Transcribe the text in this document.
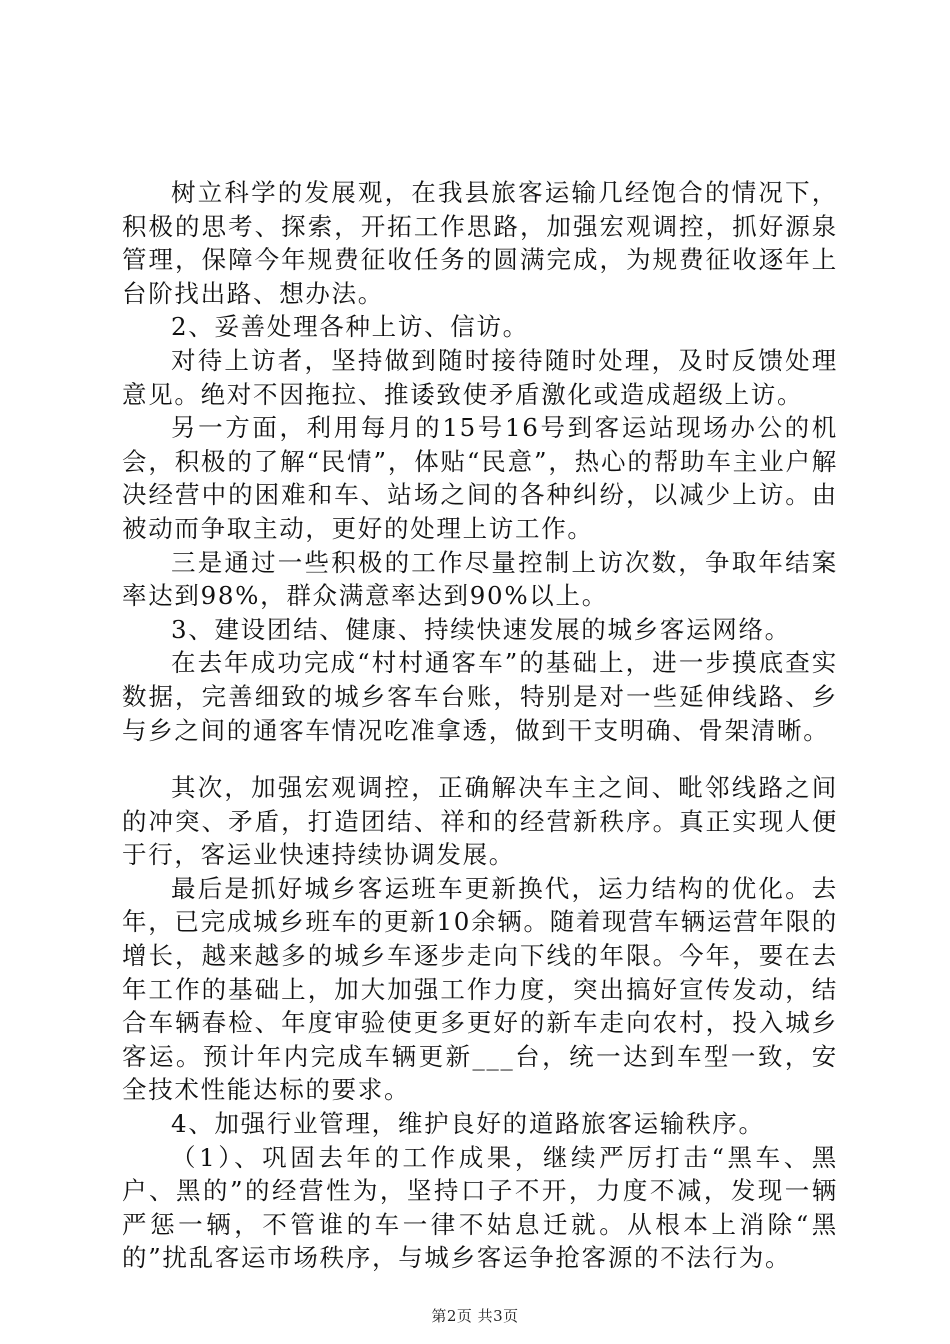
树立科学的发展观，在我县旅客运输几经饱合的情况下，积极的思考、探索，开拓工作思路，加强宏观调控，抓好源泉管理，保障今年规费征收任务的圆满完成，为规费征收逐年上台阶找出路、想办法。

2、妥善处理各种上访、信访。

对待上访者，坚持做到随时接待随时处理，及时反馈处理意见。绝对不因拖拉、推诿致使矛盾激化或造成超级上访。

另一方面，利用每月的15号16号到客运站现场办公的机会，积极的了解“民情”，体贴“民意”，热心的帮助车主业户解决经营中的困难和车、站场之间的各种纠纷，以减少上访。由被动而争取主动，更好的处理上访工作。

三是通过一些积极的工作尽量控制上访次数，争取年结案率达到98%，群众满意率达到90%以上。

3、建设团结、健康、持续快速发展的城乡客运网络。

在去年成功完成“村村通客车”的基础上，进一步摸底查实数据，完善细致的城乡客车台账，特别是对一些延伸线路、乡与乡之间的通客车情况吃准拿透，做到干支明确、骨架清晰。

其次，加强宏观调控，正确解决车主之间、毗邻线路之间的冲突、矛盾，打造团结、祥和的经营新秩序。真正实现人便于行，客运业快速持续协调发展。

最后是抓好城乡客运班车更新换代，运力结构的优化。去年，已完成城乡班车的更新10余辆。随着现营车辆运营年限的增长，越来越多的城乡车逐步走向下线的年限。今年，要在去年工作的基础上，加大加强工作力度，突出搞好宣传发动，结合车辆春检、年度审验使更多更好的新车走向农村，投入城乡客运。预计年内完成车辆更新___台，统一达到车型一致，安全技术性能达标的要求。

4、加强行业管理，维护良好的道路旅客运输秩序。

（1）、巩固去年的工作成果，继续严厉打击“黑车、黑户、黑的”的经营性为，坚持口子不开，力度不减，发现一辆严惩一辆，不管谁的车一律不姑息迁就。从根本上消除“黑的”扰乱客运市场秩序，与城乡客运争抢客源的不法行为。

第2页 共3页
